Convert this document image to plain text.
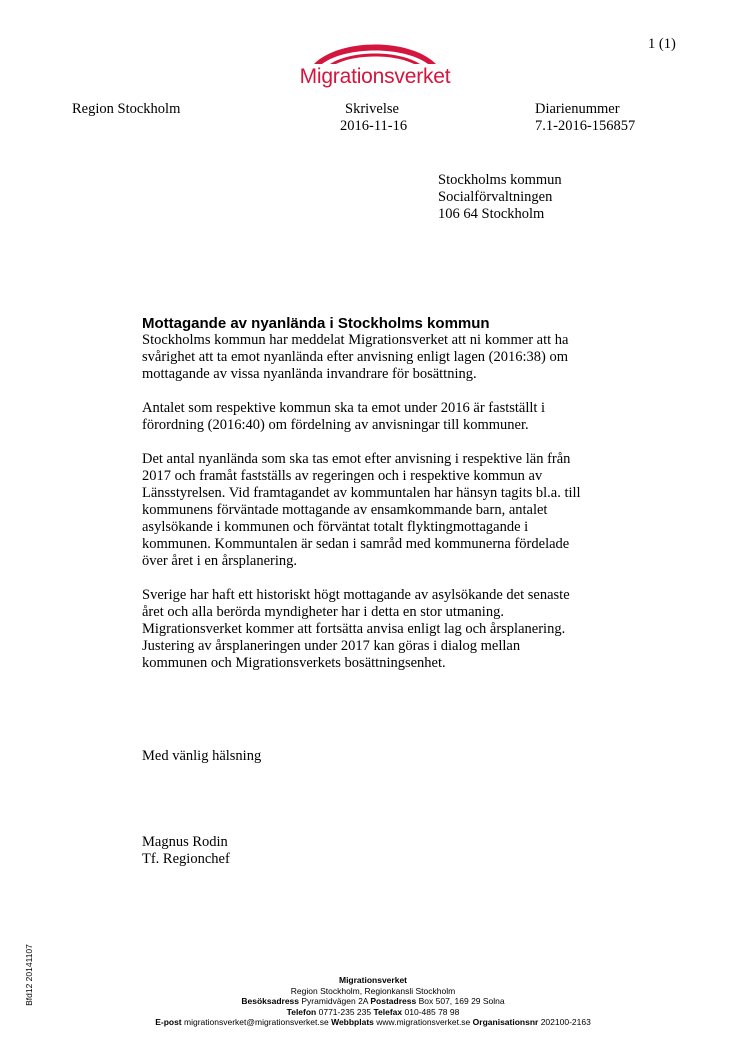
1 (1)
Migrationsverket
Region Stockholm	Skrivelse
2016-11-16
Diarienummer
7.1-2016-156857
Stockholms kommun
Socialförvaltningen
106 64 Stockholm
Mottagande av nyanlända i Stockholms kommun

Stockholms kommun har meddelat Migrationsverket att ni kommer att ha
svårighet att ta emot nyanlända efter anvisning enligt lagen (2016:38) om
mottagande av vissa nyanlända invandrare för bosättning.

Antalet som respektive kommun ska ta emot under 2016 är fastställt i
förordning (2016:40) om fördelning av anvisningar till kommuner.

Det antal nyanlända som ska tas emot efter anvisning i respektive län från
2017 och framåt fastställs av regeringen och i respektive kommun av
Länsstyrelsen. Vid framtagandet av kommuntalen har hänsyn tagits bl.a. till
kommunens förväntade mottagande av ensamkommande barn, antalet
asylsökande i kommunen och förväntat totalt flyktingmottagande i
kommunen. Kommuntalen är sedan i samråd med kommunerna fördelade
över året i en årsplanering.

Sverige har haft ett historiskt högt mottagande av asylsökande det senaste
året och alla berörda myndigheter har i detta en stor utmaning.
Migrationsverket kommer att fortsätta anvisa enligt lag och årsplanering.
Justering av årsplaneringen under 2017 kan göras i dialog mellan
kommunen och Migrationsverkets bosättningsenhet.

Med vänlig hälsning
Magnus Rodin
Tf. Regionchef
Bfd12 20141107	Migrationsverket
Region Stockholm, Regionkansli Stockholm
Besöksadress Pyramidvägen 2A Postadress Box 507, 169 29 Solna
Telefon 0771-235 235 Telefax 010-485 78 98
E-post migrationsverket@migrationsverket.se Webbplats www.migrationsverket.se Organisationsnr 202100-2163
